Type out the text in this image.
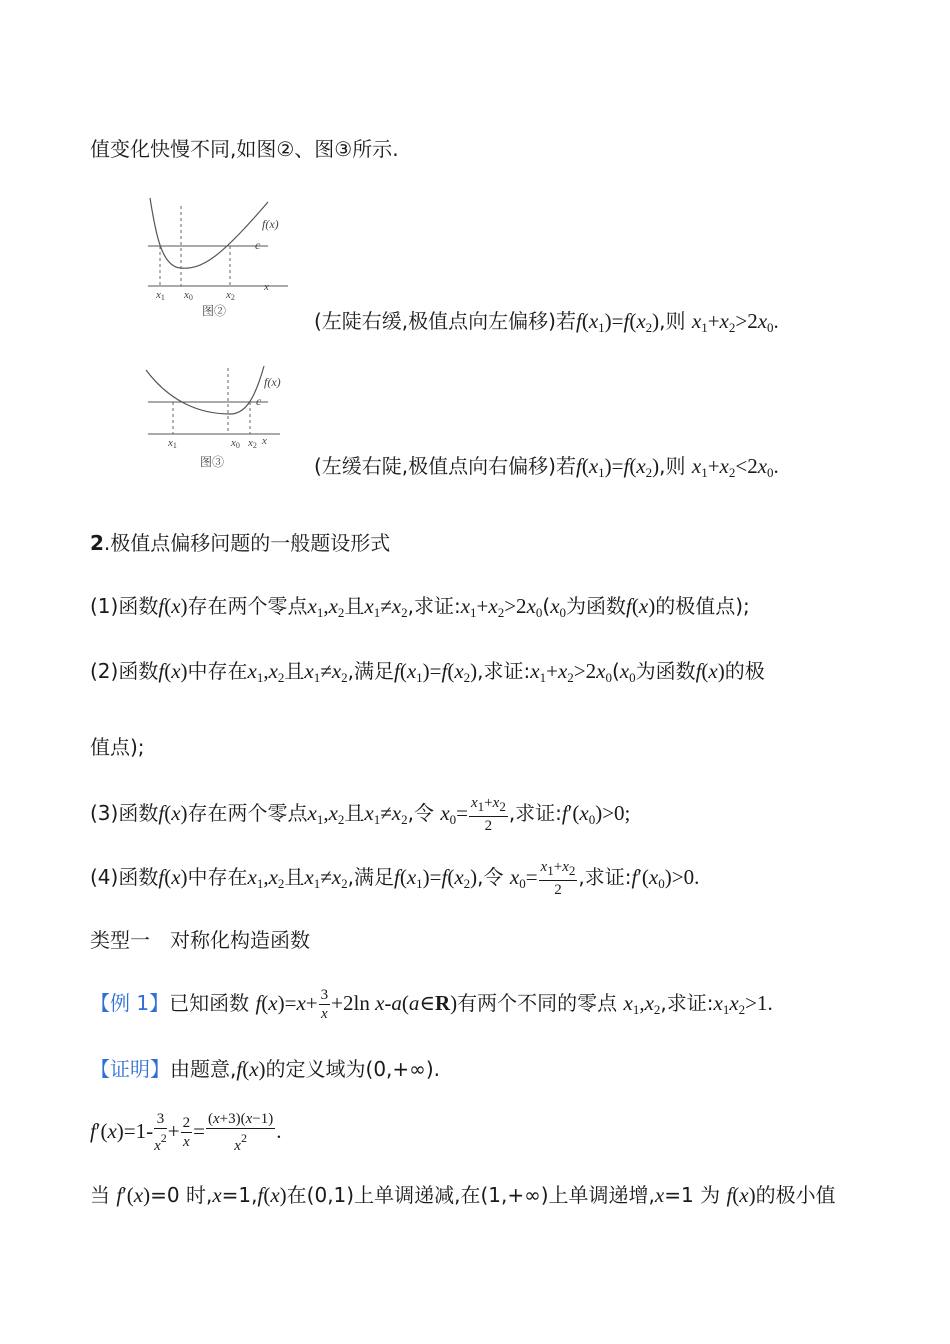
值变化快慢不同,如图②、图③所示.
f(x)
c
x1 x0	x2
x
图②	(左陡右缓,极值点向左偏移)若$f(x_1)=f(x_2)$,则 $x_1+x_2>2x_0$.
f(x)
c
x1	x0 x2 x
图③	(左缓右陡,极值点向右偏移)若$f(x_1)=f(x_2)$,则 $x_1+x_2<2x_0$.
2.极值点偏移问题的一般题设形式
(1)函数f(x)存在两个零点$x_1,x_2$且$x_1\ne x_2$,求证$:x_1+x_2>2x_0(x_0$为函数f(x)的极值点);
(2)函数f(x)中存在$x_1,x_2$且$x_1\ne x_2$,满足$f(x_1)=f(x_2)$,求证$:x_1+x_2>2x_0(x_0$为函数f(x)的极
值点);
(3)函数f(x)存在两个零点$x_1,x_2$且$x_1\ne x_2$,令 $x_0= \frac{x1+x2}{2}$ ,求证$:f'(x_0)>0$;
(4)函数f(x)中存在$x_1,x_2$且$x_1\ne x_2$,满足$f(x_1)=f(x_2)$,令 $x_0= \frac{x1+x2}{2}$ ,求证$:f'(x_0)>0$.
类型一　对称化构造函数
【例 1】已知函数 $f(x)=x+ \frac{3}{x} +2\ln$ x-a(a∈R)有两个不同的零点 $x_1,x_2$,求证$:x_1x_2>1$.
【证明】由题意,f(x)的定义域为(0,+∞).
$f'(x)=1- \frac{3}{x^2} + \frac{2}{x} = \frac{(x+3)(x-1)}{x^2}$ .
当 f′(x)=0 时,x=1,f(x)在(0,1)上单调递减,在(1,+∞)上单调递增,x=1 为 f(x)的极小值
